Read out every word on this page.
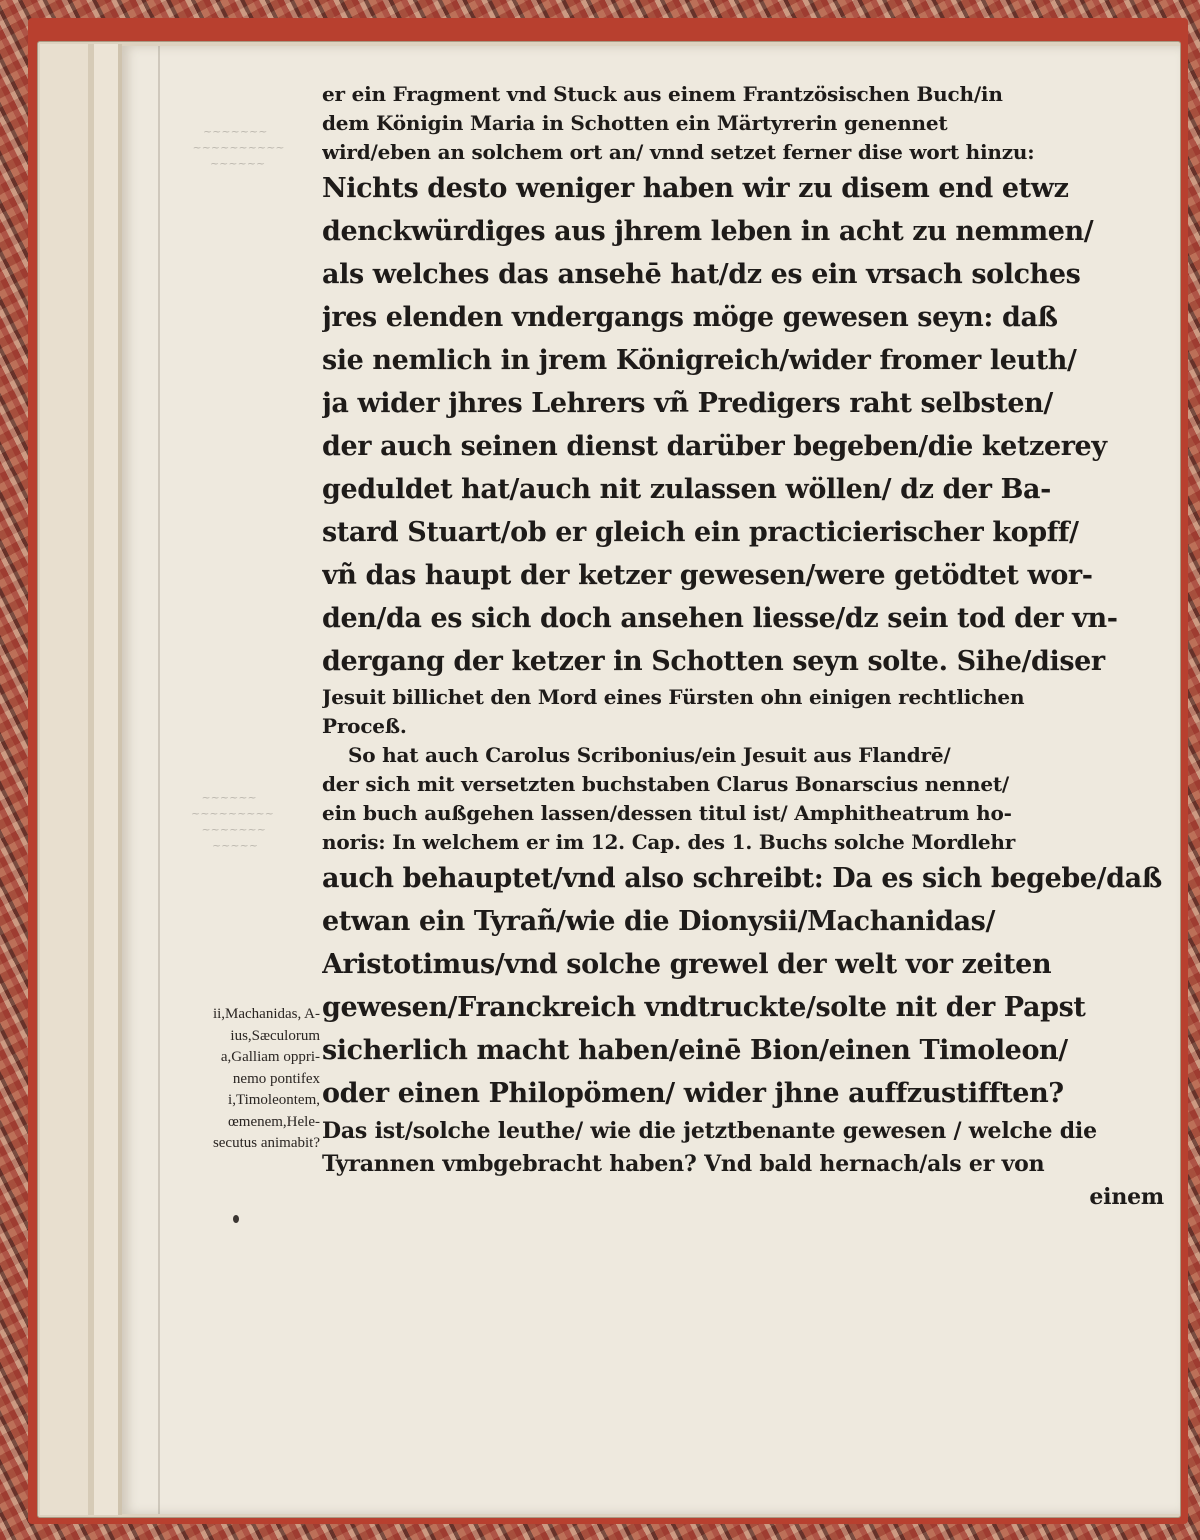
~~~~~~~
~~~~~~~~~~
~~~~~~
~~~~~~
~~~~~~~~~
~~~~~~~
~~~~~
er ein Fragment vnd Stuck aus einem Frantzösischen Buch/in
dem Königin Maria in Schotten ein Märtyrerin genennet
wird/eben an solchem ort an/ vnnd setzet ferner dise wort hinzu:
Nichts desto weniger haben wir zu disem end etwz
denckwürdiges aus jhrem leben in acht zu nemmen/
als welches das ansehē hat/dz es ein vrsach solches
jres elenden vndergangs möge gewesen seyn: daß
sie nemlich in jrem Königreich/wider fromer leuth/
ja wider jhres Lehrers vñ Predigers raht selbsten/
der auch seinen dienst darüber begeben/die ketzerey
geduldet hat/auch nit zulassen wöllen/ dz der Ba-
stard Stuart/ob er gleich ein practicierischer kopff/
vñ das haupt der ketzer gewesen/were getödtet wor-
den/da es sich doch ansehen liesse/dz sein tod der vn-
dergang der ketzer in Schotten seyn solte. Sihe/diser
Jesuit billichet den Mord eines Fürsten ohn einigen rechtlichen
Proceß.
So hat auch Carolus Scribonius/ein Jesuit aus Flandrē/
der sich mit versetzten buchstaben Clarus Bonarscius nennet/
ein buch außgehen lassen/dessen titul ist/ Amphitheatrum ho-
noris: In welchem er im 12. Cap. des 1. Buchs solche Mordlehr
auch behauptet/vnd also schreibt: Da es sich begebe/daß
etwan ein Tyrañ/wie die Dionysii/Machanidas/
Aristotimus/vnd solche grewel der welt vor zeiten
gewesen/Franckreich vndtruckte/solte nit der Papst
sicherlich macht haben/einē Bion/einen Timoleon/
oder einen Philopömen/ wider jhne auffzustifften?
Das ist/solche leuthe/ wie die jetztbenante gewesen / welche die
Tyrannen vmbgebracht haben? Vnd bald hernach/als er von
einem
ii,Machanidas, A-
ius,Sæculorum
a,Galliam oppri-
nemo pontifex
i,Timoleontem,
œmenem,Hele-
secutus animabit?
